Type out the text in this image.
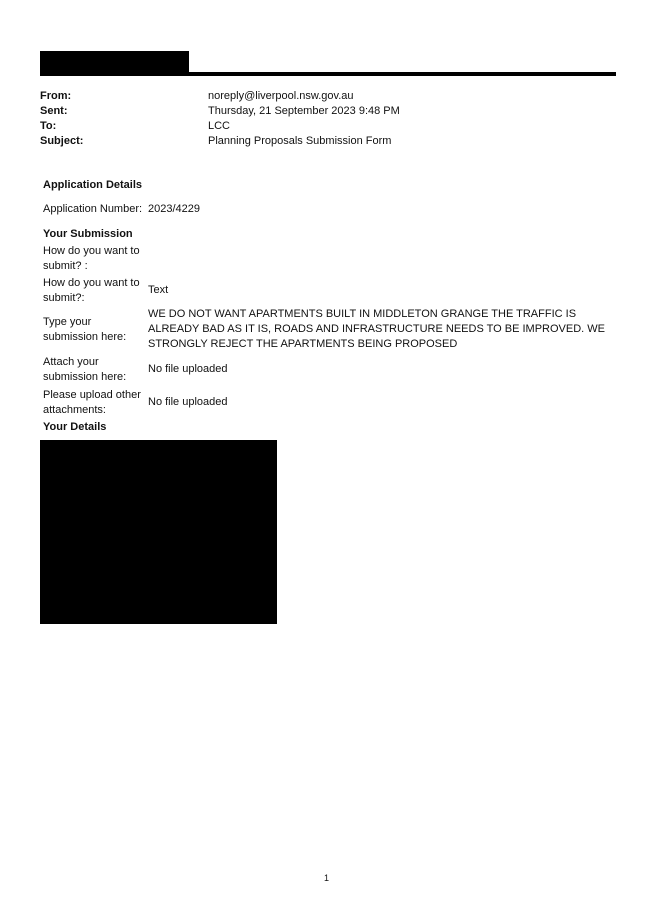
From:	noreply@liverpool.nsw.gov.au
Sent:	Thursday, 21 September 2023 9:48 PM
To:	LCC
Subject:	Planning Proposals Submission Form
Application Details
Application Number: 2023/4229
Your Submission
How do you want to submit? :
How do you want to submit?:
Text
Type your submission here:
WE DO NOT WANT APARTMENTS BUILT IN MIDDLETON GRANGE THE TRAFFIC IS ALREADY BAD AS IT IS, ROADS AND INFRASTRUCTURE NEEDS TO BE IMPROVED. WE STRONGLY REJECT THE APARTMENTS BEING PROPOSED
Attach your submission here:
No file uploaded
Please upload other attachments:
No file uploaded
Your Details
1
